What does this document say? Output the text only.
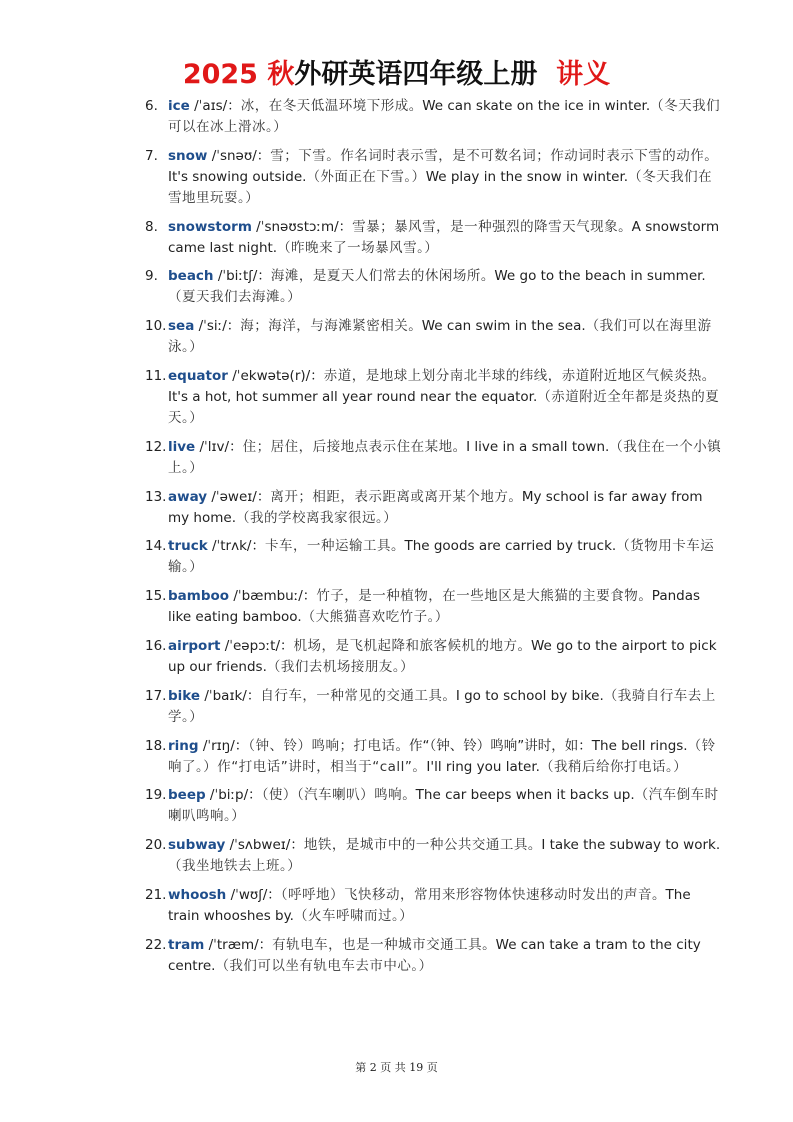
2025 秋外研英语四年级上册 讲义
6. ice /ˈaɪs/：冰，在冬天低温环境下形成。We can skate on the ice in winter.（冬天我们可以在冰上滑冰。）
7. snow /ˈsnəʊ/：雪；下雪。作名词时表示雪，是不可数名词；作动词时表示下雪的动作。It's snowing outside.（外面正在下雪。）We play in the snow in winter.（冬天我们在雪地里玩耍。）
8. snowstorm /ˈsnəʊstɔːm/：雪暴；暴风雪，是一种强烈的降雪天气现象。A snowstorm came last night.（昨晚来了一场暴风雪。）
9. beach /ˈbiːtʃ/：海滩，是夏天人们常去的休闲场所。We go to the beach in summer.（夏天我们去海滩。）
10. sea /ˈsiː/：海；海洋，与海滩紧密相关。We can swim in the sea.（我们可以在海里游泳。）
11. equator /ˈekwətə(r)/：赤道，是地球上划分南北半球的纬线，赤道附近地区气候炎热。It's a hot, hot summer all year round near the equator.（赤道附近全年都是炎热的夏天。）
12. live /ˈlɪv/：住；居住，后接地点表示住在某地。I live in a small town.（我住在一个小镇上。）
13. away /ˈəweɪ/：离开；相距，表示距离或离开某个地方。My school is far away from my home.（我的学校离我家很远。）
14. truck /ˈtrʌk/：卡车，一种运输工具。The goods are carried by truck.（货物用卡车运输。）
15. bamboo /ˈbæmbuː/：竹子，是一种植物，在一些地区是大熊猫的主要食物。Pandas like eating bamboo.（大熊猫喜欢吃竹子。）
16. airport /ˈeəpɔːt/：机场，是飞机起降和旅客候机的地方。We go to the airport to pick up our friends.（我们去机场接朋友。）
17. bike /ˈbaɪk/：自行车，一种常见的交通工具。I go to school by bike.（我骑自行车去上学。）
18. ring /ˈrɪŋ/：（钟、铃）鸣响；打电话。作“（钟、铃）鸣响”讲时，如：The bell rings.（铃响了。）作“打电话”讲时，相当于“call”。I'll ring you later.（我稍后给你打电话。）
19. beep /ˈbiːp/：（使）（汽车喇叭）鸣响。The car beeps when it backs up.（汽车倒车时喇叭鸣响。）
20. subway /ˈsʌbweɪ/：地铁，是城市中的一种公共交通工具。I take the subway to work.（我坐地铁去上班。）
21. whoosh /ˈwʊʃ/：（呼呼地）飞快移动，常用来形容物体快速移动时发出的声音。The train whooshes by.（火车呼啸而过。）
22. tram /ˈtræm/：有轨电车，也是一种城市交通工具。We can take a tram to the city centre.（我们可以坐有轨电车去市中心。）
第 2 页 共 19 页
